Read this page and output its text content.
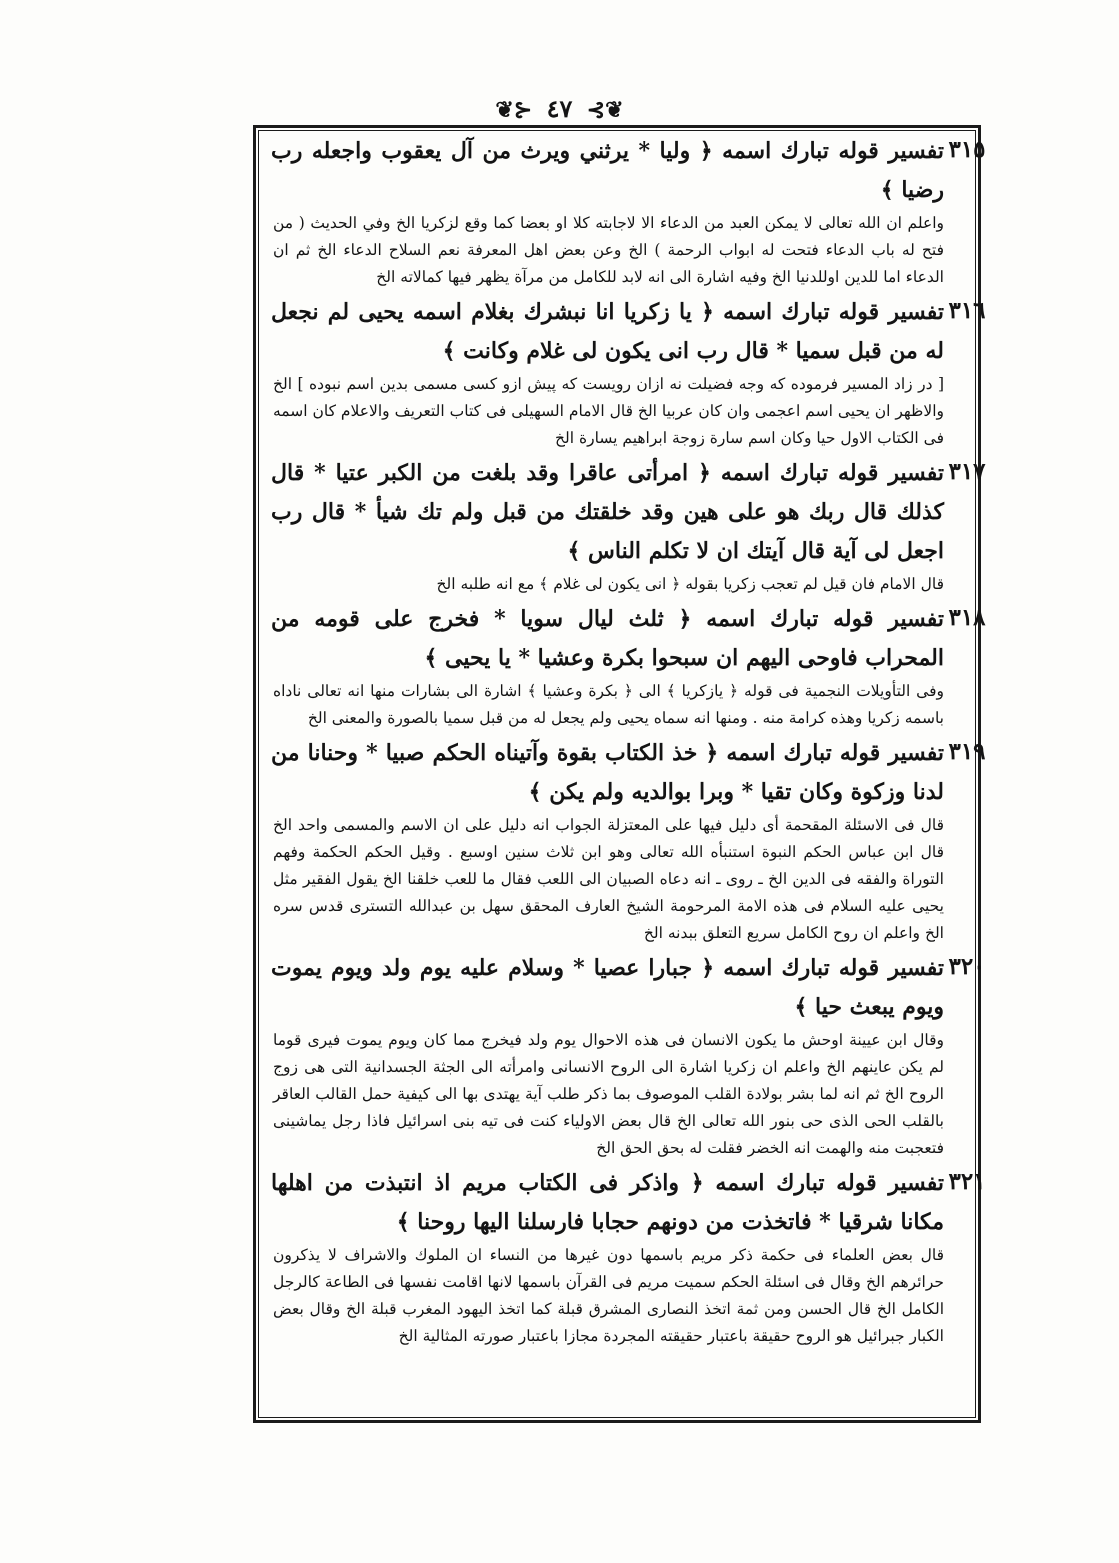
❦⊱ ٤٧ ⊰❦
٣١٥
تفسير قوله تبارك اسمه ﴿ وليا * يرثني ويرث من آل يعقوب واجعله رب رضيا ﴾
واعلم ان الله تعالى لا يمكن العبد من الدعاء الا لاجابته كلا او بعضا كما وقع لزكريا الخ وفي الحديث ( من فتح له باب الدعاء فتحت له ابواب الرحمة ) الخ وعن بعض اهل المعرفة نعم السلاح الدعاء الخ ثم ان الدعاء اما للدين اوللدنيا الخ وفيه اشارة الى انه لابد للكامل من مرآة يظهر فيها كمالاته الخ
٣١٦
تفسير قوله تبارك اسمه ﴿ يا زكريا انا نبشرك بغلام اسمه يحيى لم نجعل له من قبل سميا * قال رب انى يكون لى غلام وكانت ﴾
[ در زاد المسير فرموده كه وجه فضيلت نه ازان رويست كه پيش ازو كسى مسمى بدين اسم نبوده ] الخ والاظهر ان يحيى اسم اعجمى وان كان عربيا الخ قال الامام السهيلى فى كتاب التعريف والاعلام كان اسمه فى الكتاب الاول حيا وكان اسم سارة زوجة ابراهيم يسارة الخ
٣١٧
تفسير قوله تبارك اسمه ﴿ امرأتى عاقرا وقد بلغت من الكبر عتيا * قال كذلك قال ربك هو على هين وقد خلقتك من قبل ولم تك شيأ * قال رب اجعل لى آية قال آيتك ان لا تكلم الناس ﴾
قال الامام فان قيل لم تعجب زكريا بقوله ﴿ انى يكون لى غلام ﴾ مع انه طلبه الخ
٣١٨
تفسير قوله تبارك اسمه ﴿ ثلث ليال سويا * فخرج على قومه من المحراب فاوحى اليهم ان سبحوا بكرة وعشيا * يا يحيى ﴾
وفى التأويلات النجمية فى قوله ﴿ يازكريا ﴾ الى ﴿ بكرة وعشيا ﴾ اشارة الى بشارات منها انه تعالى ناداه باسمه زكريا وهذه كرامة منه . ومنها انه سماه يحيى ولم يجعل له من قبل سميا بالصورة والمعنى الخ
٣١٩
تفسير قوله تبارك اسمه ﴿ خذ الكتاب بقوة وآتيناه الحكم صبيا * وحنانا من لدنا وزكوة وكان تقيا * وبرا بوالديه ولم يكن ﴾
قال فى الاسئلة المقحمة أى دليل فيها على المعتزلة الجواب انه دليل على ان الاسم والمسمى واحد الخ قال ابن عباس الحكم النبوة استنبأه الله تعالى وهو ابن ثلاث سنين اوسبع . وقيل الحكم الحكمة وفهم التوراة والفقه فى الدين الخ ـ روى ـ انه دعاه الصبيان الى اللعب فقال ما للعب خلقنا الخ يقول الفقير مثل يحيى عليه السلام فى هذه الامة المرحومة الشيخ العارف المحقق سهل بن عبدالله التسترى قدس سره الخ واعلم ان روح الكامل سريع التعلق ببدنه الخ
٣٢٠
تفسير قوله تبارك اسمه ﴿ جبارا عصيا * وسلام عليه يوم ولد ويوم يموت ويوم يبعث حيا ﴾
وقال ابن عيينة اوحش ما يكون الانسان فى هذه الاحوال يوم ولد فيخرج مما كان ويوم يموت فيرى قوما لم يكن عاينهم الخ واعلم ان زكريا اشارة الى الروح الانسانى وامرأته الى الجثة الجسدانية التى هى زوج الروح الخ ثم انه لما بشر بولادة القلب الموصوف بما ذكر طلب آية يهتدى بها الى كيفية حمل القالب العاقر بالقلب الحى الذى حى بنور الله تعالى الخ قال بعض الاولياء كنت فى تيه بنى اسرائيل فاذا رجل يماشينى فتعجبت منه والهمت انه الخضر فقلت له بحق الحق الخ
٣٢١
تفسير قوله تبارك اسمه ﴿ واذكر فى الكتاب مريم اذ انتبذت من اهلها مكانا شرقيا * فاتخذت من دونهم حجابا فارسلنا اليها روحنا ﴾
قال بعض العلماء فى حكمة ذكر مريم باسمها دون غيرها من النساء ان الملوك والاشراف لا يذكرون حرائرهم الخ وقال فى اسئلة الحكم سميت مريم فى القرآن باسمها لانها اقامت نفسها فى الطاعة كالرجل الكامل الخ قال الحسن ومن ثمة اتخذ النصارى المشرق قبلة كما اتخذ اليهود المغرب قبلة الخ وقال بعض الكبار جبرائيل هو الروح حقيقة باعتبار حقيقته المجردة مجازا باعتبار صورته المثالية الخ
